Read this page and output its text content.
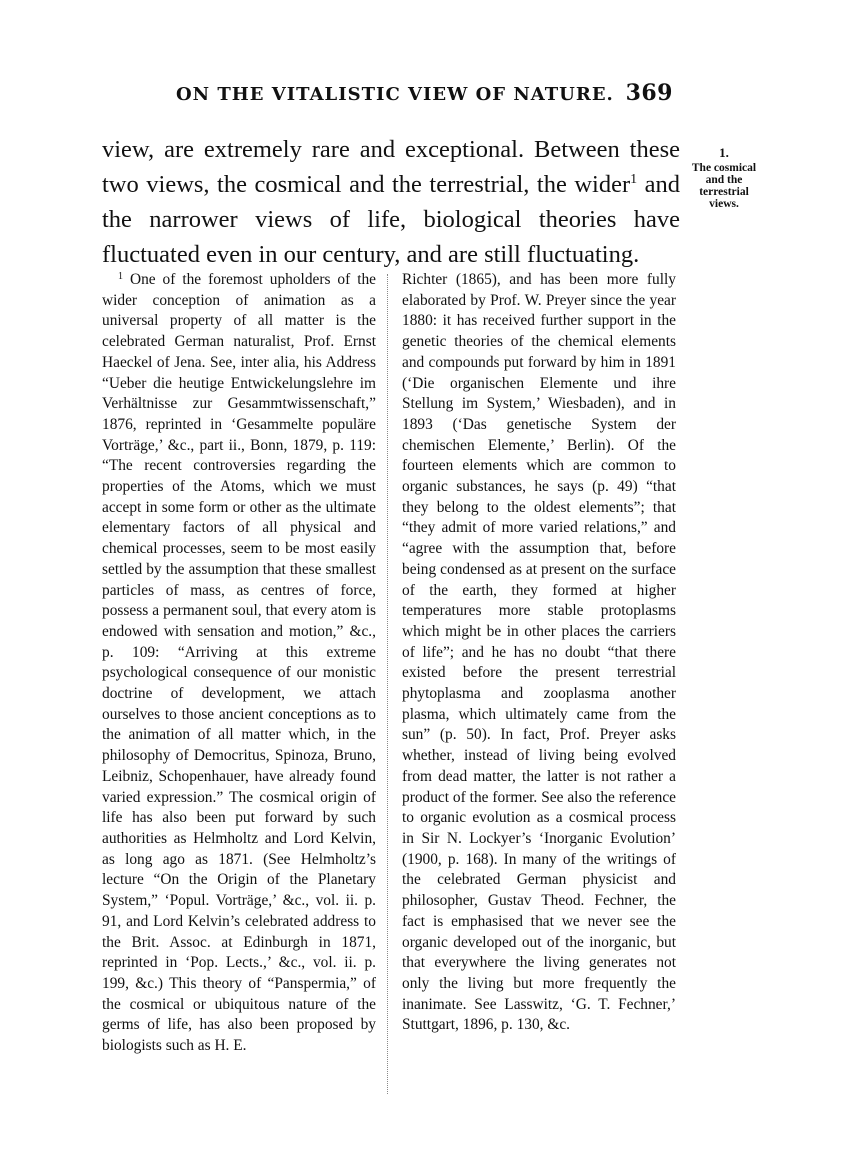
ON THE VITALISTIC VIEW OF NATURE. 369

view, are extremely rare and exceptional. Between these two views, the cosmical and the terrestrial, the wider$^1$ and the narrower views of life, biological theories have fluctuated even in our century, and are still fluctuating.

1.
The cosmical and the terrestrial views.

$^1$ One of the foremost upholders of the wider conception of animation as a universal property of all matter is the celebrated German naturalist, Prof. Ernst Haeckel of Jena. See, inter alia, his Address “Ueber die heutige Entwickelungslehre im Verhältnisse zur Gesammtwissenschaft,” 1876, reprinted in ‘Gesammelte populäre Vorträge,’ &c., part ii., Bonn, 1879, p. 119: “The recent controversies regarding the properties of the Atoms, which we must accept in some form or other as the ultimate elementary factors of all physical and chemical processes, seem to be most easily settled by the assumption that these smallest particles of mass, as centres of force, possess a permanent soul, that every atom is endowed with sensation and motion,” &c., p. 109: “Arriving at this extreme psychological consequence of our monistic doctrine of development, we attach ourselves to those ancient conceptions as to the animation of all matter which, in the philosophy of Democritus, Spinoza, Bruno, Leibniz, Schopenhauer, have already found varied expression.” The cosmical origin of life has also been put forward by such authorities as Helmholtz and Lord Kelvin, as long ago as 1871. (See Helmholtz’s lecture “On the Origin of the Planetary System,” ‘Popul. Vorträge,’ &c., vol. ii. p. 91, and Lord Kelvin’s celebrated address to the Brit. Assoc. at Edinburgh in 1871, reprinted in ‘Pop. Lects.,’ &c., vol. ii. p. 199, &c.) This theory of “Panspermia,” of the cosmical or ubiquitous nature of the germs of life, has also been proposed by biologists such as H. E.

Richter (1865), and has been more fully elaborated by Prof. W. Preyer since the year 1880: it has received further support in the genetic theories of the chemical elements and compounds put forward by him in 1891 (‘Die organischen Elemente und ihre Stellung im System,’ Wiesbaden), and in 1893 (‘Das genetische System der chemischen Elemente,’ Berlin). Of the fourteen elements which are common to organic substances, he says (p. 49) “that they belong to the oldest elements”; that “they admit of more varied relations,” and “agree with the assumption that, before being condensed as at present on the surface of the earth, they formed at higher temperatures more stable protoplasms which might be in other places the carriers of life”; and he has no doubt “that there existed before the present terrestrial phytoplasma and zooplasma another plasma, which ultimately came from the sun” (p. 50). In fact, Prof. Preyer asks whether, instead of living being evolved from dead matter, the latter is not rather a product of the former. See also the reference to organic evolution as a cosmical process in Sir N. Lockyer’s ‘Inorganic Evolution’ (1900, p. 168). In many of the writings of the celebrated German physicist and philosopher, Gustav Theod. Fechner, the fact is emphasised that we never see the organic developed out of the inorganic, but that everywhere the living generates not only the living but more frequently the inanimate. See Lasswitz, ‘G. T. Fechner,’ Stuttgart, 1896, p. 130, &c.
